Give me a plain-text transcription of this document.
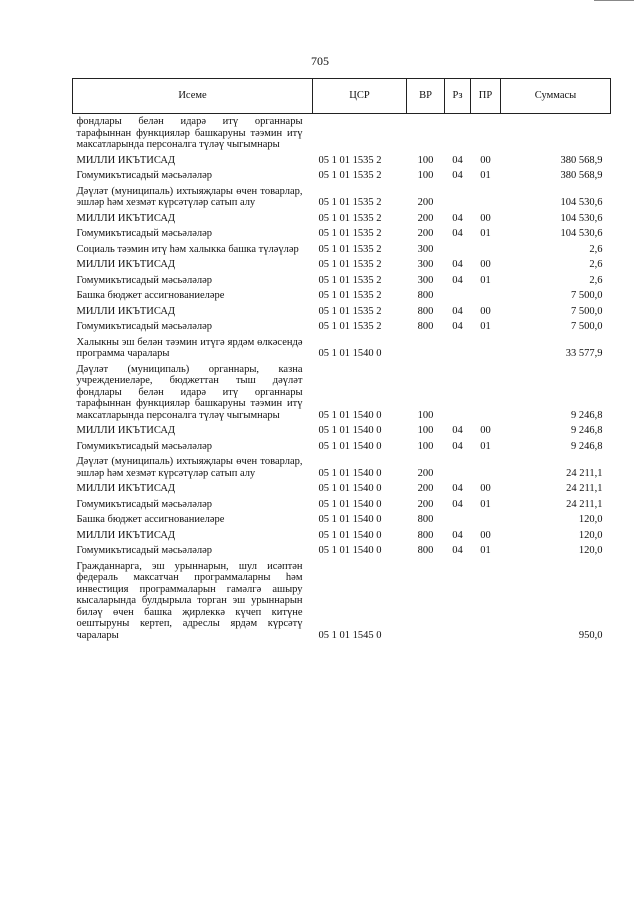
705
Исеме	ЦСР	ВР	Рз	ПР	Суммасы
фондлары белән идарә итү органнары тарафыннан функцияләр башкаруны тәэмин итү максатларында персоналга түләү чыгымнары					
МИЛЛИ ИКЪТИСАД	05 1 01 1535 2	100	04	00	380 568,9
Гомумикътисадый мәсьәләләр	05 1 01 1535 2	100	04	01	380 568,9
Дәүләт (муниципаль) ихтыяҗлары өчен товарлар, эшләр һәм хезмәт күрсәтүләр сатып алу	05 1 01 1535 2	200			104 530,6
МИЛЛИ ИКЪТИСАД	05 1 01 1535 2	200	04	00	104 530,6
Гомумикътисадый мәсьәләләр	05 1 01 1535 2	200	04	01	104 530,6
Социаль тәэмин итү һәм халыкка башка түләүләр	05 1 01 1535 2	300			2,6
МИЛЛИ ИКЪТИСАД	05 1 01 1535 2	300	04	00	2,6
Гомумикътисадый мәсьәләләр	05 1 01 1535 2	300	04	01	2,6
Башка бюджет ассигнованиеләре	05 1 01 1535 2	800			7 500,0
МИЛЛИ ИКЪТИСАД	05 1 01 1535 2	800	04	00	7 500,0
Гомумикътисадый мәсьәләләр	05 1 01 1535 2	800	04	01	7 500,0
Халыкны эш белән тәэмин итүгә ярдәм өлкәсендә программа чаралары	05 1 01 1540 0				33 577,9
Дәүләт (муниципаль) органнары, казна учреждениеләре, бюджеттан тыш дәүләт фондлары белән идарә итү органнары тарафыннан функцияләр башкаруны тәэмин итү максатларында персоналга түләү чыгымнары	05 1 01 1540 0	100			9 246,8
МИЛЛИ ИКЪТИСАД	05 1 01 1540 0	100	04	00	9 246,8
Гомумикътисадый мәсьәләләр	05 1 01 1540 0	100	04	01	9 246,8
Дәүләт (муниципаль) ихтыяҗлары өчен товарлар, эшләр һәм хезмәт күрсәтүләр сатып алу	05 1 01 1540 0	200			24 211,1
МИЛЛИ ИКЪТИСАД	05 1 01 1540 0	200	04	00	24 211,1
Гомумикътисадый мәсьәләләр	05 1 01 1540 0	200	04	01	24 211,1
Башка бюджет ассигнованиеләре	05 1 01 1540 0	800			120,0
МИЛЛИ ИКЪТИСАД	05 1 01 1540 0	800	04	00	120,0
Гомумикътисадый мәсьәләләр	05 1 01 1540 0	800	04	01	120,0
Гражданнарга, эш урыннарын, шул исәптән федераль максатчан программаларны һәм инвестиция программаларын гамәлгә ашыру кысаларында булдырыла торган эш урыннарын биләү өчен башка җирлеккә күчеп китүне оештыруны кертеп, адреслы ярдәм күрсәтү чаралары	05 1 01 1545 0				950,0
